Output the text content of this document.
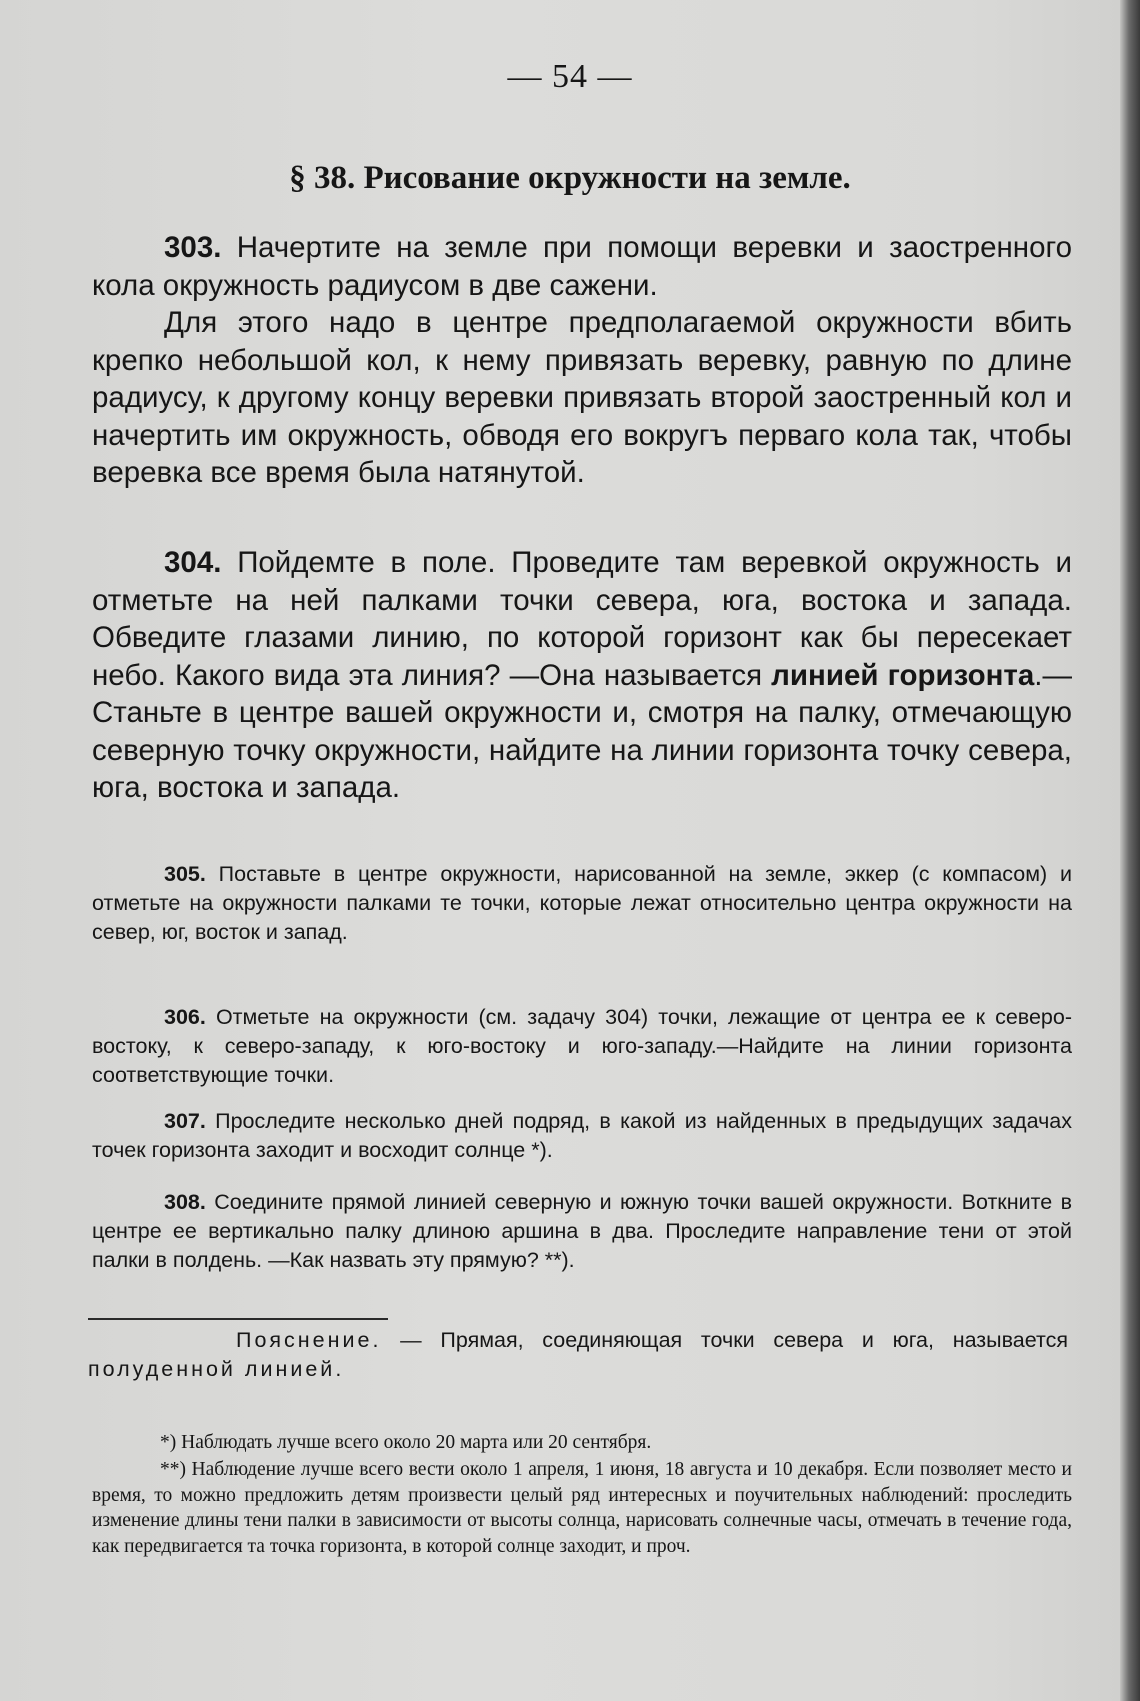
— 54 —
§ 38. Рисование окружности на земле.
303. Начертите на земле при помощи веревки и заостренного кола окружность радиусом в две сажени.
Для этого надо в центре предполагаемой окружности вбить крепко небольшой кол, к нему привязать веревку, равную по длине радиусу, к другому концу веревки привязать второй заостренный кол и начертить им окружность, обводя его вокругъ перваго кола так, чтобы веревка все время была натянутой.
304. Пойдемте в поле. Проведите там веревкой окружность и отметьте на ней палками точки севера, юга, востока и запада. Обведите глазами линию, по которой горизонт как бы пересекает небо. Какого вида эта линия? —Она называется линией горизонта.—Станьте в центре вашей окружности и, смотря на палку, отмечающую северную точку окружности, найдите на линии горизонта точку севера, юга, востока и запада.
305. Поставьте в центре окружности, нарисованной на земле, эккер (с компасом) и отметьте на окружности палками те точки, которые лежат относительно центра окружности на север, юг, восток и запад.
306. Отметьте на окружности (см. задачу 304) точки, лежащие от центра ее к северо-востоку, к северо-западу, к юго-востоку и юго-западу.—Найдите на линии горизонта соответствующие точки.
307. Проследите несколько дней подряд, в какой из найденных в предыдущих задачах точек горизонта заходит и восходит солнце *).
308. Соедините прямой линией северную и южную точки вашей окружности. Воткните в центре ее вертикально палку длиною аршина в два. Проследите направление тени от этой палки в полдень. —Как назвать эту прямую? **).
Пояснение. — Прямая, соединяющая точки севера и юга, называется полуденной линией.
*) Наблюдать лучше всего около 20 марта или 20 сентября.
**) Наблюдение лучше всего вести около 1 апреля, 1 июня, 18 августа и 10 декабря. Если позволяет место и время, то можно предложить детям произвести целый ряд интересных и поучительных наблюдений: проследить изменение длины тени палки в зависимости от высоты солнца, нарисовать солнечные часы, отмечать в течение года, как передвигается та точка горизонта, в которой солнце заходит, и проч.
